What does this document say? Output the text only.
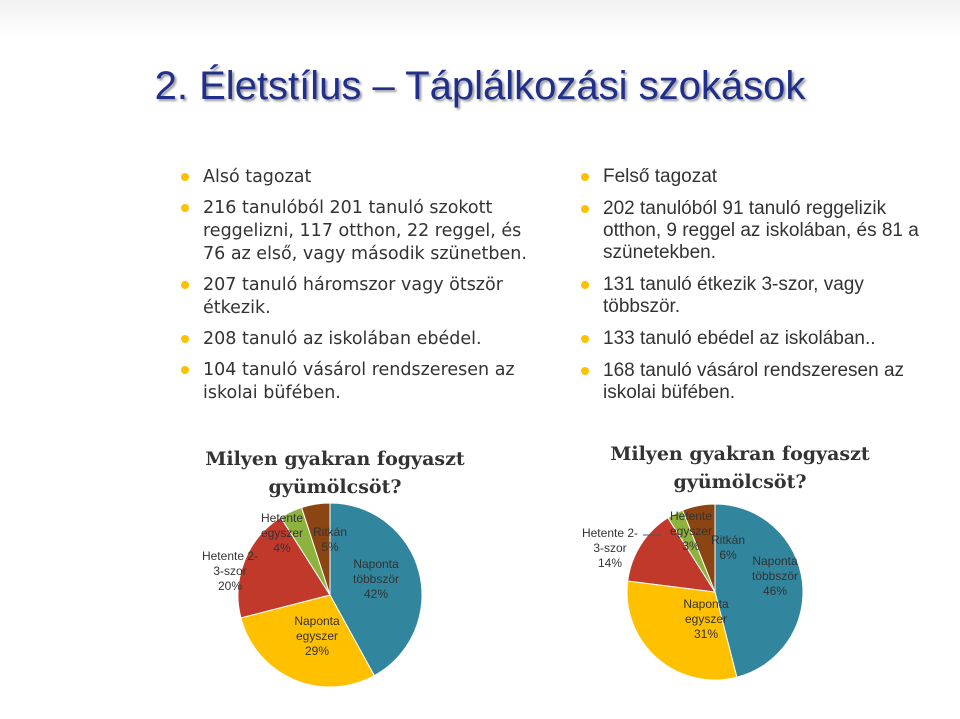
2. Életstílus – Táplálkozási szokások
Alsó tagozat
216 tanulóból 201 tanuló szokott reggelizni, 117 otthon, 22 reggel, és 76 az első, vagy második szünetben.
207 tanuló háromszor vagy ötször étkezik.
208 tanuló az iskolában ebédel.
104 tanuló vásárol rendszeresen az iskolai büfében.
Felső tagozat
202 tanulóból 91 tanuló reggelizik otthon, 9 reggel az iskolában, és 81 a szünetekben.
131 tanuló étkezik 3-szor, vagy többször.
133 tanuló ebédel az iskolában..
168 tanuló vásárol rendszeresen az iskolai büfében.
Milyen gyakran fogyaszt gyümölcsöt?
Milyen gyakran fogyaszt gyümölcsöt?
Naponta többször 42%
Naponta egyszer 29%
Hetente 2-3-szor 20%
Hetente egyszer 4%
Ritkán 5%
Naponta többször 46%
Naponta egyszer 31%
Hetente 2-3-szor 14%
Hetente egyszer 3% Ritkán 6%
